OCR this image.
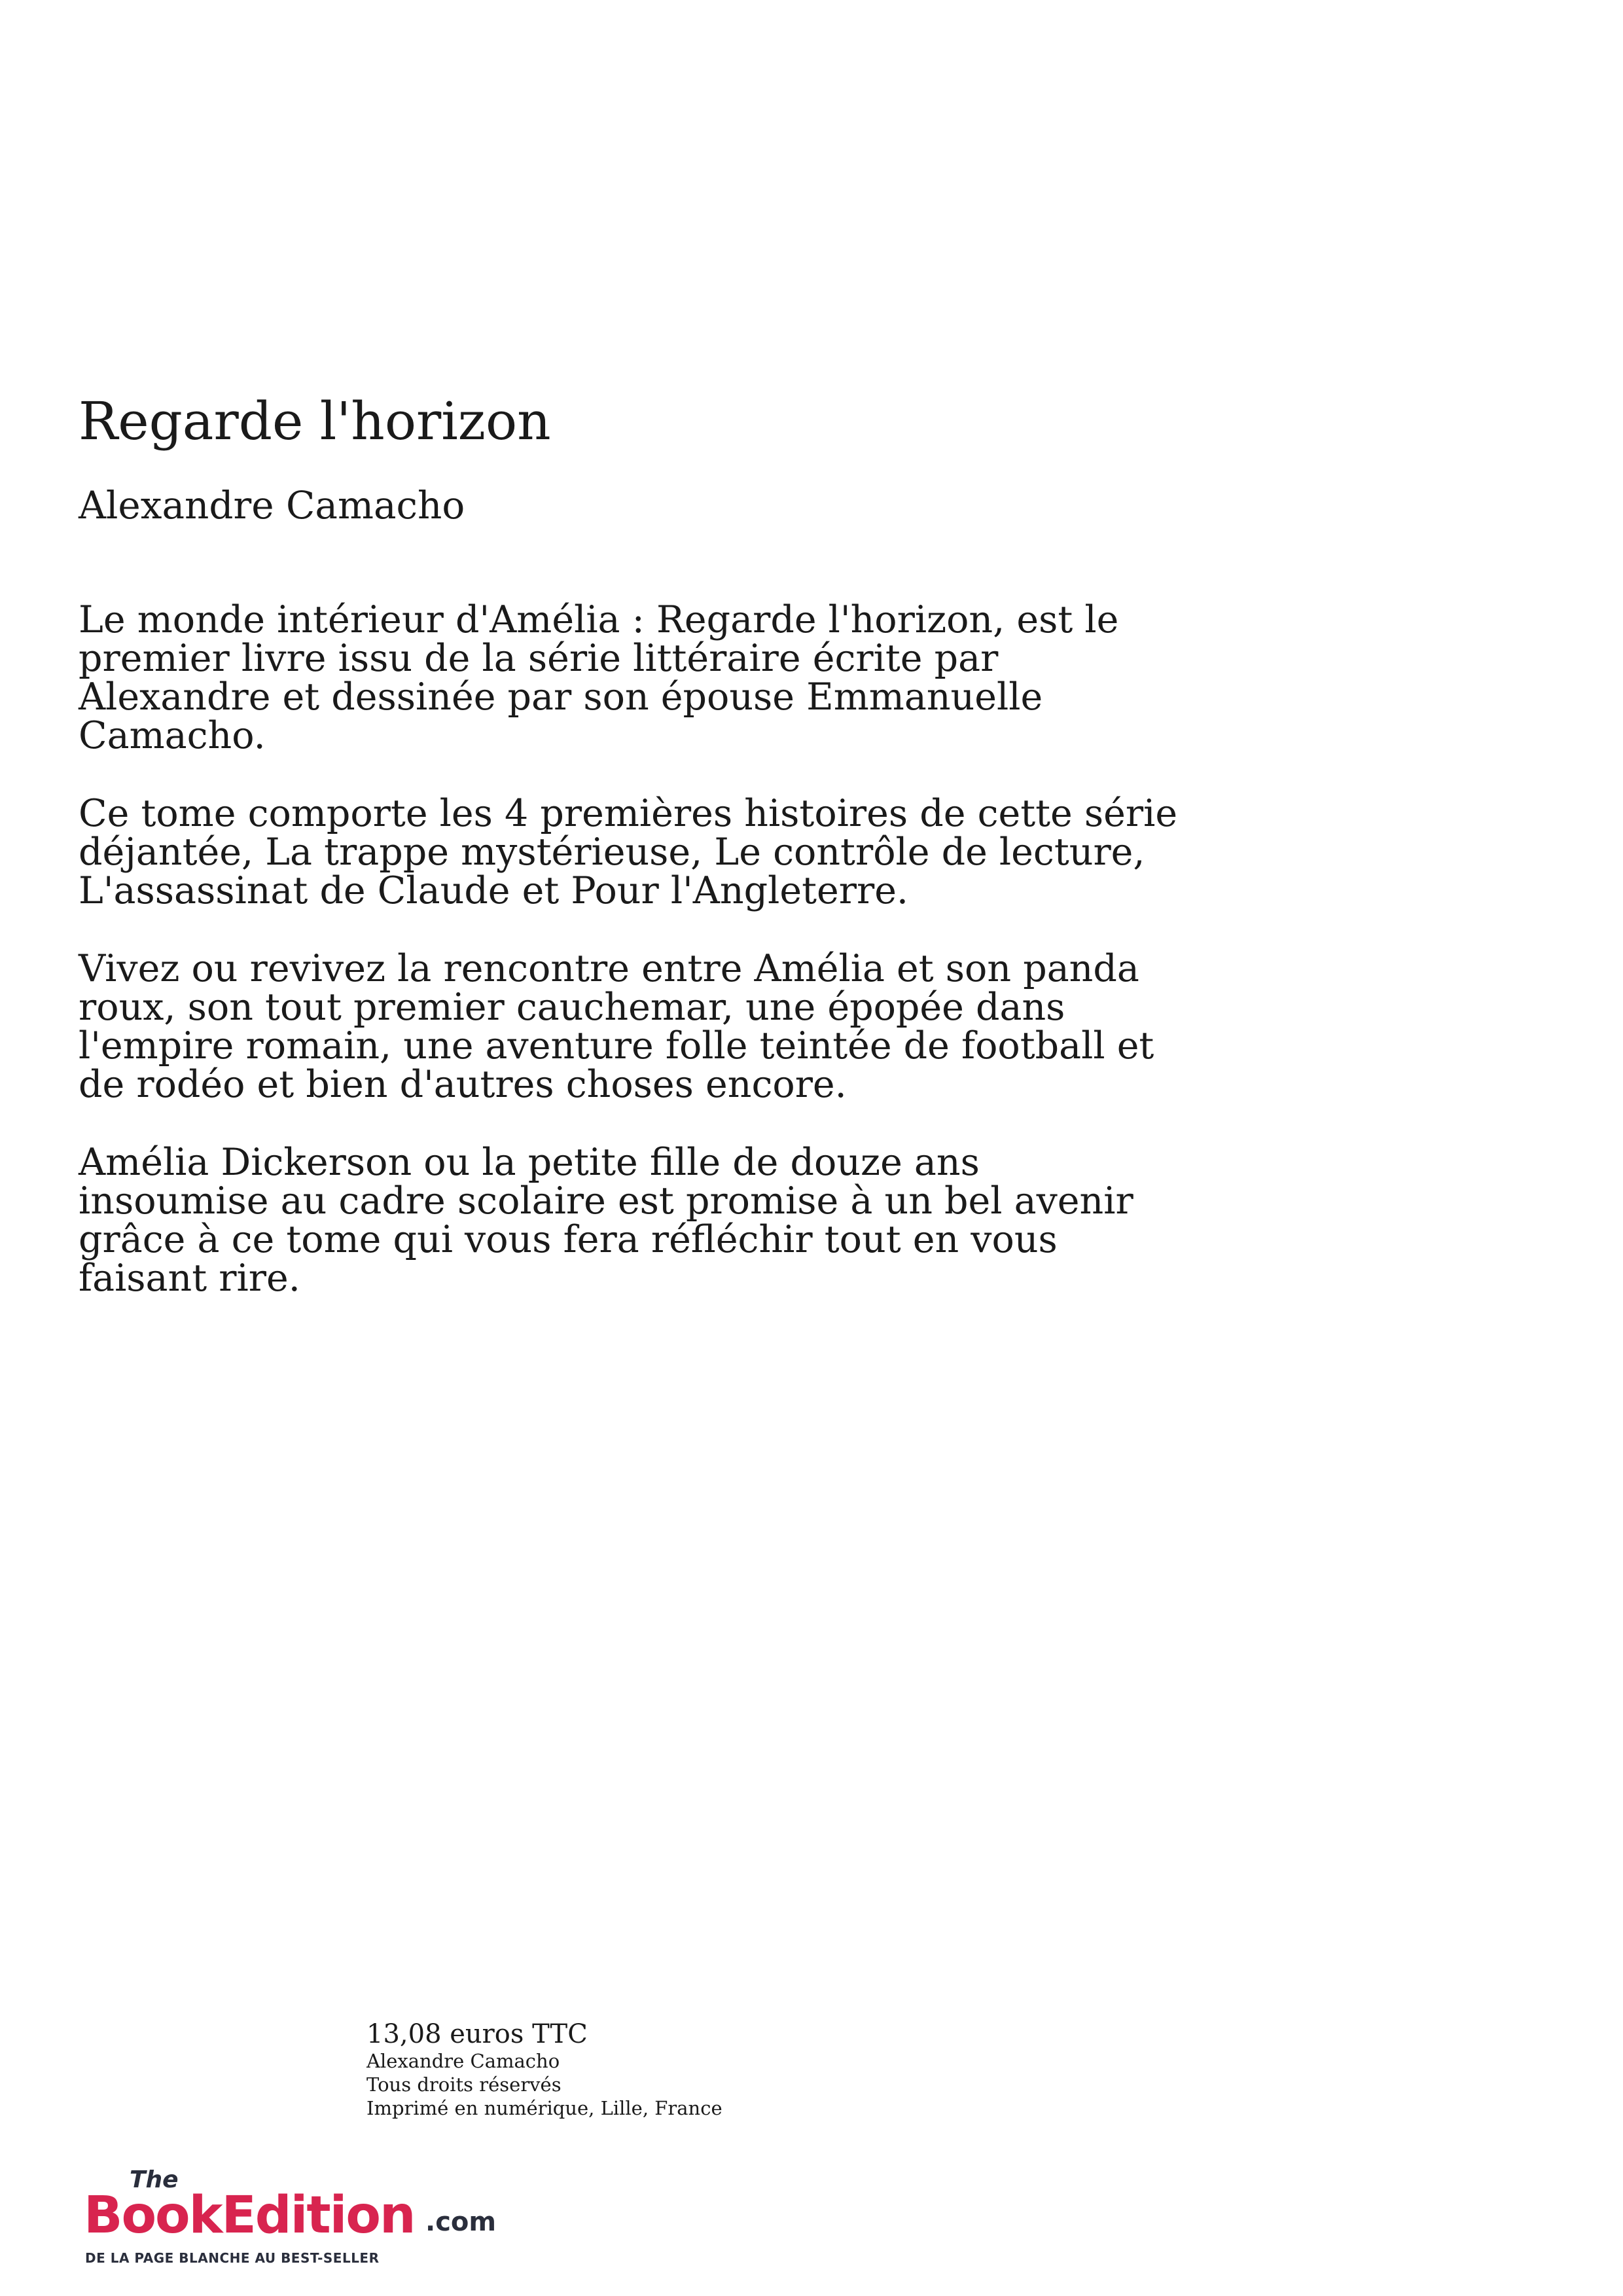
Regarde l'horizon
Alexandre Camacho

Le monde intérieur d'Amélia : Regarde l'horizon, est le
premier livre issu de la série littéraire écrite par
Alexandre et dessinée par son épouse Emmanuelle
Camacho.

Ce tome comporte les 4 premières histoires de cette série
déjantée, La trappe mystérieuse, Le contrôle de lecture,
L'assassinat de Claude et Pour l'Angleterre.

Vivez ou revivez la rencontre entre Amélia et son panda
roux, son tout premier cauchemar, une épopée dans
l'empire romain, une aventure folle teintée de football et
de rodéo et bien d'autres choses encore.

Amélia Dickerson ou la petite fille de douze ans
insoumise au cadre scolaire est promise à un bel avenir
grâce à ce tome qui vous fera réfléchir tout en vous
faisant rire.

13,08 euros TTC

Alexandre Camacho

Tous droits réservés

Imprimé en numérique, Lille, France

The
BookEdition .com
DE LA PAGE BLANCHE AU BEST-SELLER
